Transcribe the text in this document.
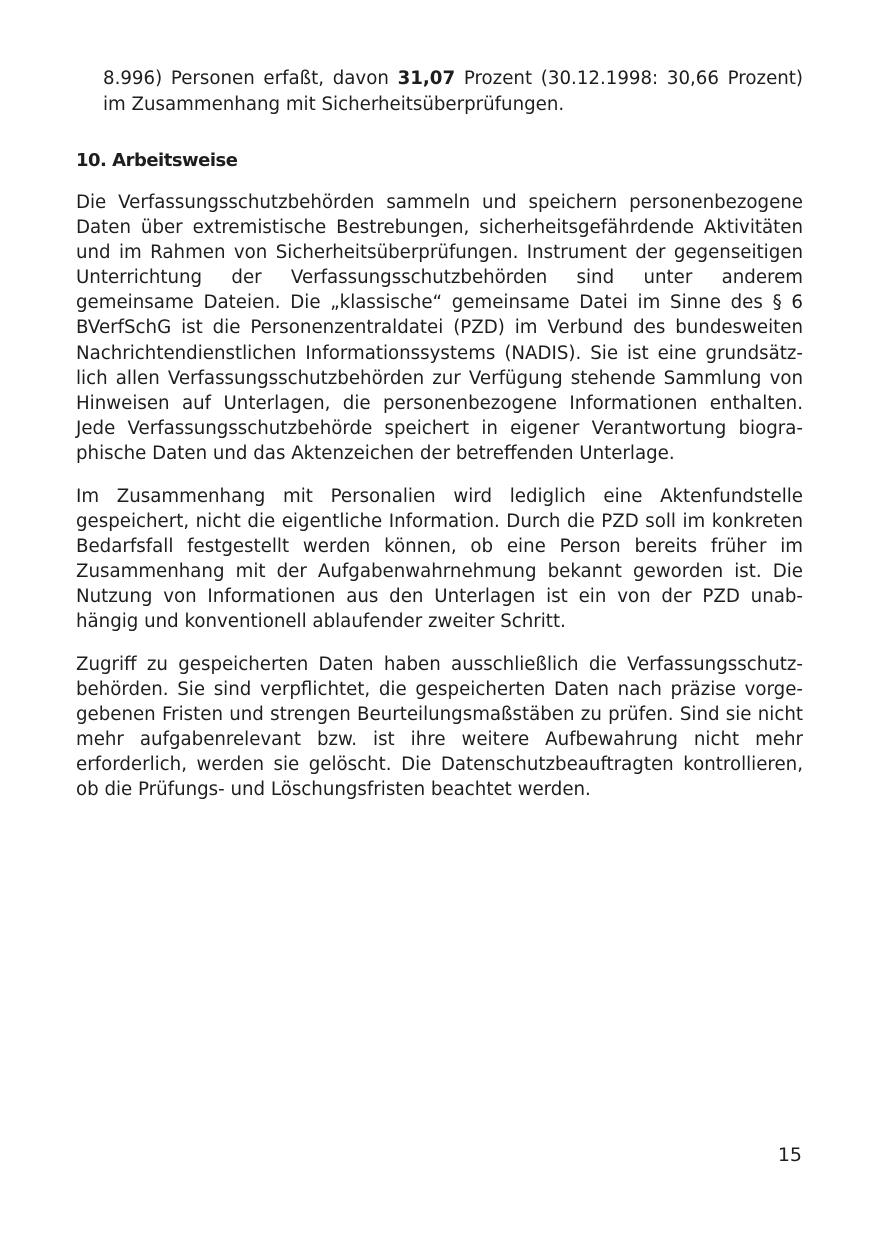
8.996) Personen erfaßt, davon 31,07 Prozent (30.12.1998: 30,66 Prozent) im Zusammenhang mit Sicherheitsüberprüfungen.

10. Arbeitsweise

Die Verfassungsschutzbehörden sammeln und speichern personenbezogene Daten über extremistische Bestrebungen, sicherheitsgefährdende Aktivitäten und im Rahmen von Sicherheitsüberprüfungen. Instrument der gegenseitigen Unterrichtung der Verfassungsschutzbehörden sind unter anderem gemeinsame Dateien. Die „klassische“ gemeinsame Datei im Sinne des § 6 BVerfSchG ist die Personenzentraldatei (PZD) im Verbund des bundesweiten Nachrichtendienstlichen Informationssystems (NADIS). Sie ist eine grundsätzlich allen Verfassungsschutzbehörden zur Verfügung stehende Sammlung von Hinweisen auf Unterlagen, die personenbezogene Informationen enthalten. Jede Verfassungsschutzbehörde speichert in eigener Verantwortung biographische Daten und das Aktenzeichen der betreffenden Unterlage.

Im Zusammenhang mit Personalien wird lediglich eine Aktenfundstelle gespeichert, nicht die eigentliche Information. Durch die PZD soll im konkreten Bedarfsfall festgestellt werden können, ob eine Person bereits früher im Zusammenhang mit der Aufgabenwahrnehmung bekannt geworden ist. Die Nutzung von Informationen aus den Unterlagen ist ein von der PZD unabhängig und konventionell ablaufender zweiter Schritt.

Zugriff zu gespeicherten Daten haben ausschließlich die Verfassungsschutzbehörden. Sie sind verpflichtet, die gespeicherten Daten nach präzise vorgegebenen Fristen und strengen Beurteilungsmaßstäben zu prüfen. Sind sie nicht mehr aufgabenrelevant bzw. ist ihre weitere Aufbewahrung nicht mehr erforderlich, werden sie gelöscht. Die Datenschutzbeauftragten kontrollieren, ob die Prüfungs- und Löschungsfristen beachtet werden.

15
